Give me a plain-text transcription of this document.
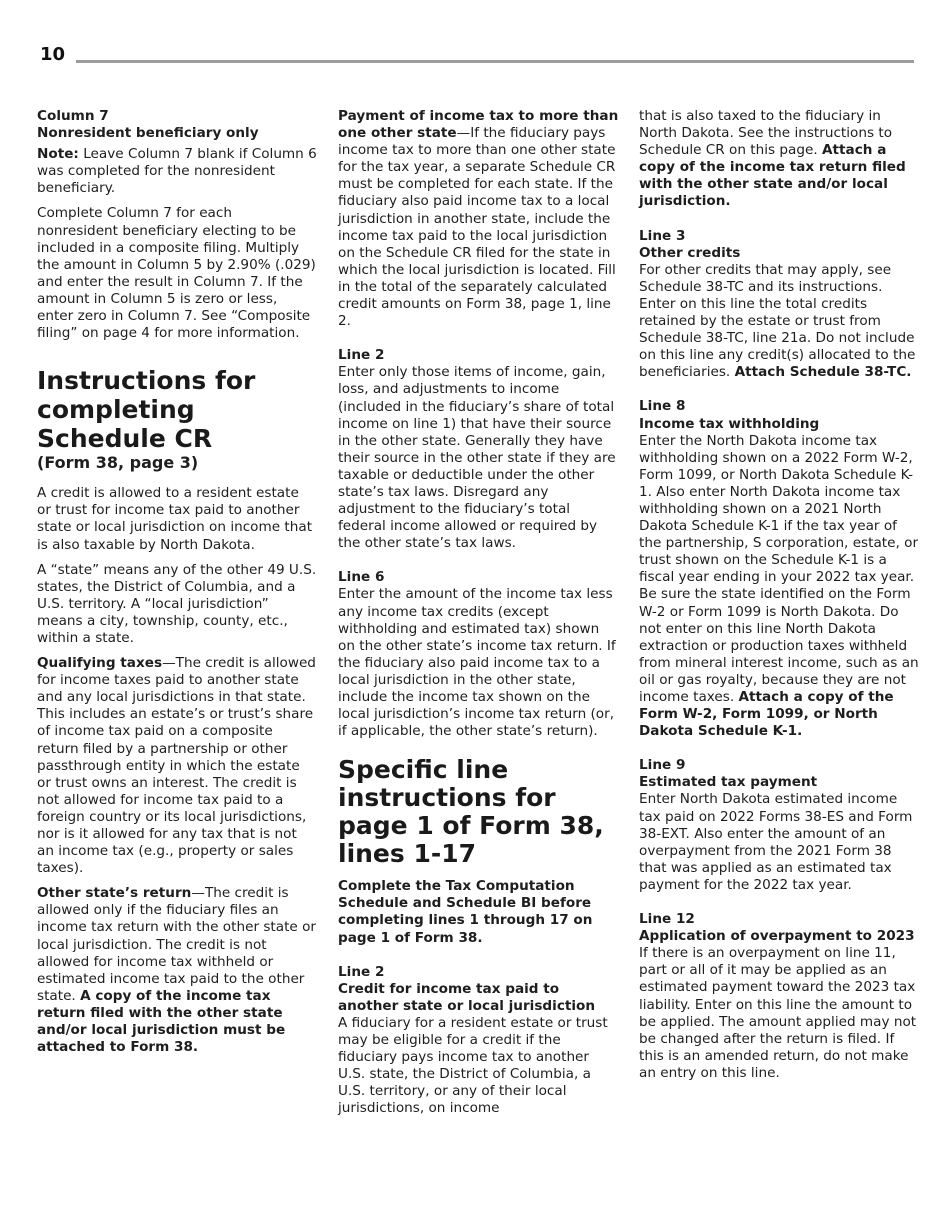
10
Column 7
Nonresident beneficiary only

Note: Leave Column 7 blank if Column 6 was completed for the nonresident beneficiary.

Complete Column 7 for each nonresident beneficiary electing to be included in a composite filing. Multiply the amount in Column 5 by 2.90% (.029) and enter the result in Column 7. If the amount in Column 5 is zero or less, enter zero in Column 7. See “Composite filing” on page 4 for more information.

Instructions for completing Schedule CR
(Form 38, page 3)

A credit is allowed to a resident estate or trust for income tax paid to another state or local jurisdiction on income that is also taxable by North Dakota.

A “state” means any of the other 49 U.S. states, the District of Columbia, and a U.S. territory. A “local jurisdiction” means a city, township, county, etc., within a state.

Qualifying taxes—The credit is allowed for income taxes paid to another state and any local jurisdictions in that state. This includes an estate’s or trust’s share of income tax paid on a composite return filed by a partnership or other passthrough entity in which the estate or trust owns an interest. The credit is not allowed for income tax paid to a foreign country or its local jurisdictions, nor is it allowed for any tax that is not an income tax (e.g., property or sales taxes).

Other state’s return—The credit is allowed only if the fiduciary files an income tax return with the other state or local jurisdiction. The credit is not allowed for income tax withheld or estimated income tax paid to the other state. A copy of the income tax return filed with the other state and/or local jurisdiction must be attached to Form 38.

Payment of income tax to more than one other state—If the fiduciary pays income tax to more than one other state for the tax year, a separate Schedule CR must be completed for each state. If the fiduciary also paid income tax to a local jurisdiction in another state, include the income tax paid to the local jurisdiction on the Schedule CR filed for the state in which the local jurisdiction is located. Fill in the total of the separately calculated credit amounts on Form 38, page 1, line 2.

Line 2

Enter only those items of income, gain, loss, and adjustments to income (included in the fiduciary’s share of total income on line 1) that have their source in the other state. Generally they have their source in the other state if they are taxable or deductible under the other state’s tax laws. Disregard any adjustment to the fiduciary’s total federal income allowed or required by the other state’s tax laws.

Line 6

Enter the amount of the income tax less any income tax credits (except withholding and estimated tax) shown on the other state’s income tax return. If the fiduciary also paid income tax to a local jurisdiction in the other state, include the income tax shown on the local jurisdiction’s income tax return (or, if applicable, the other state’s return).

Specific line instructions for page 1 of Form 38, lines 1-17

Complete the Tax Computation Schedule and Schedule BI before completing lines 1 through 17 on page 1 of Form 38.

Line 2
Credit for income tax paid to another state or local jurisdiction

A fiduciary for a resident estate or trust may be eligible for a credit if the fiduciary pays income tax to another U.S. state, the District of Columbia, a U.S. territory, or any of their local jurisdictions, on income

that is also taxed to the fiduciary in North Dakota. See the instructions to Schedule CR on this page. Attach a copy of the income tax return filed with the other state and/or local jurisdiction.

Line 3
Other credits

For other credits that may apply, see Schedule 38-TC and its instructions. Enter on this line the total credits retained by the estate or trust from Schedule 38-TC, line 21a. Do not include on this line any credit(s) allocated to the beneficiaries. Attach Schedule 38-TC.

Line 8
Income tax withholding

Enter the North Dakota income tax withholding shown on a 2022 Form W-2, Form 1099, or North Dakota Schedule K-1. Also enter North Dakota income tax withholding shown on a 2021 North Dakota Schedule K-1 if the tax year of the partnership, S corporation, estate, or trust shown on the Schedule K-1 is a fiscal year ending in your 2022 tax year. Be sure the state identified on the Form W-2 or Form 1099 is North Dakota. Do not enter on this line North Dakota extraction or production taxes withheld from mineral interest income, such as an oil or gas royalty, because they are not income taxes. Attach a copy of the Form W-2, Form 1099, or North Dakota Schedule K-1.

Line 9
Estimated tax payment

Enter North Dakota estimated income tax paid on 2022 Forms 38-ES and Form 38-EXT. Also enter the amount of an overpayment from the 2021 Form 38 that was applied as an estimated tax payment for the 2022 tax year.

Line 12
Application of overpayment to 2023

If there is an overpayment on line 11, part or all of it may be applied as an estimated payment toward the 2023 tax liability. Enter on this line the amount to be applied. The amount applied may not be changed after the return is filed. If this is an amended return, do not make an entry on this line.
